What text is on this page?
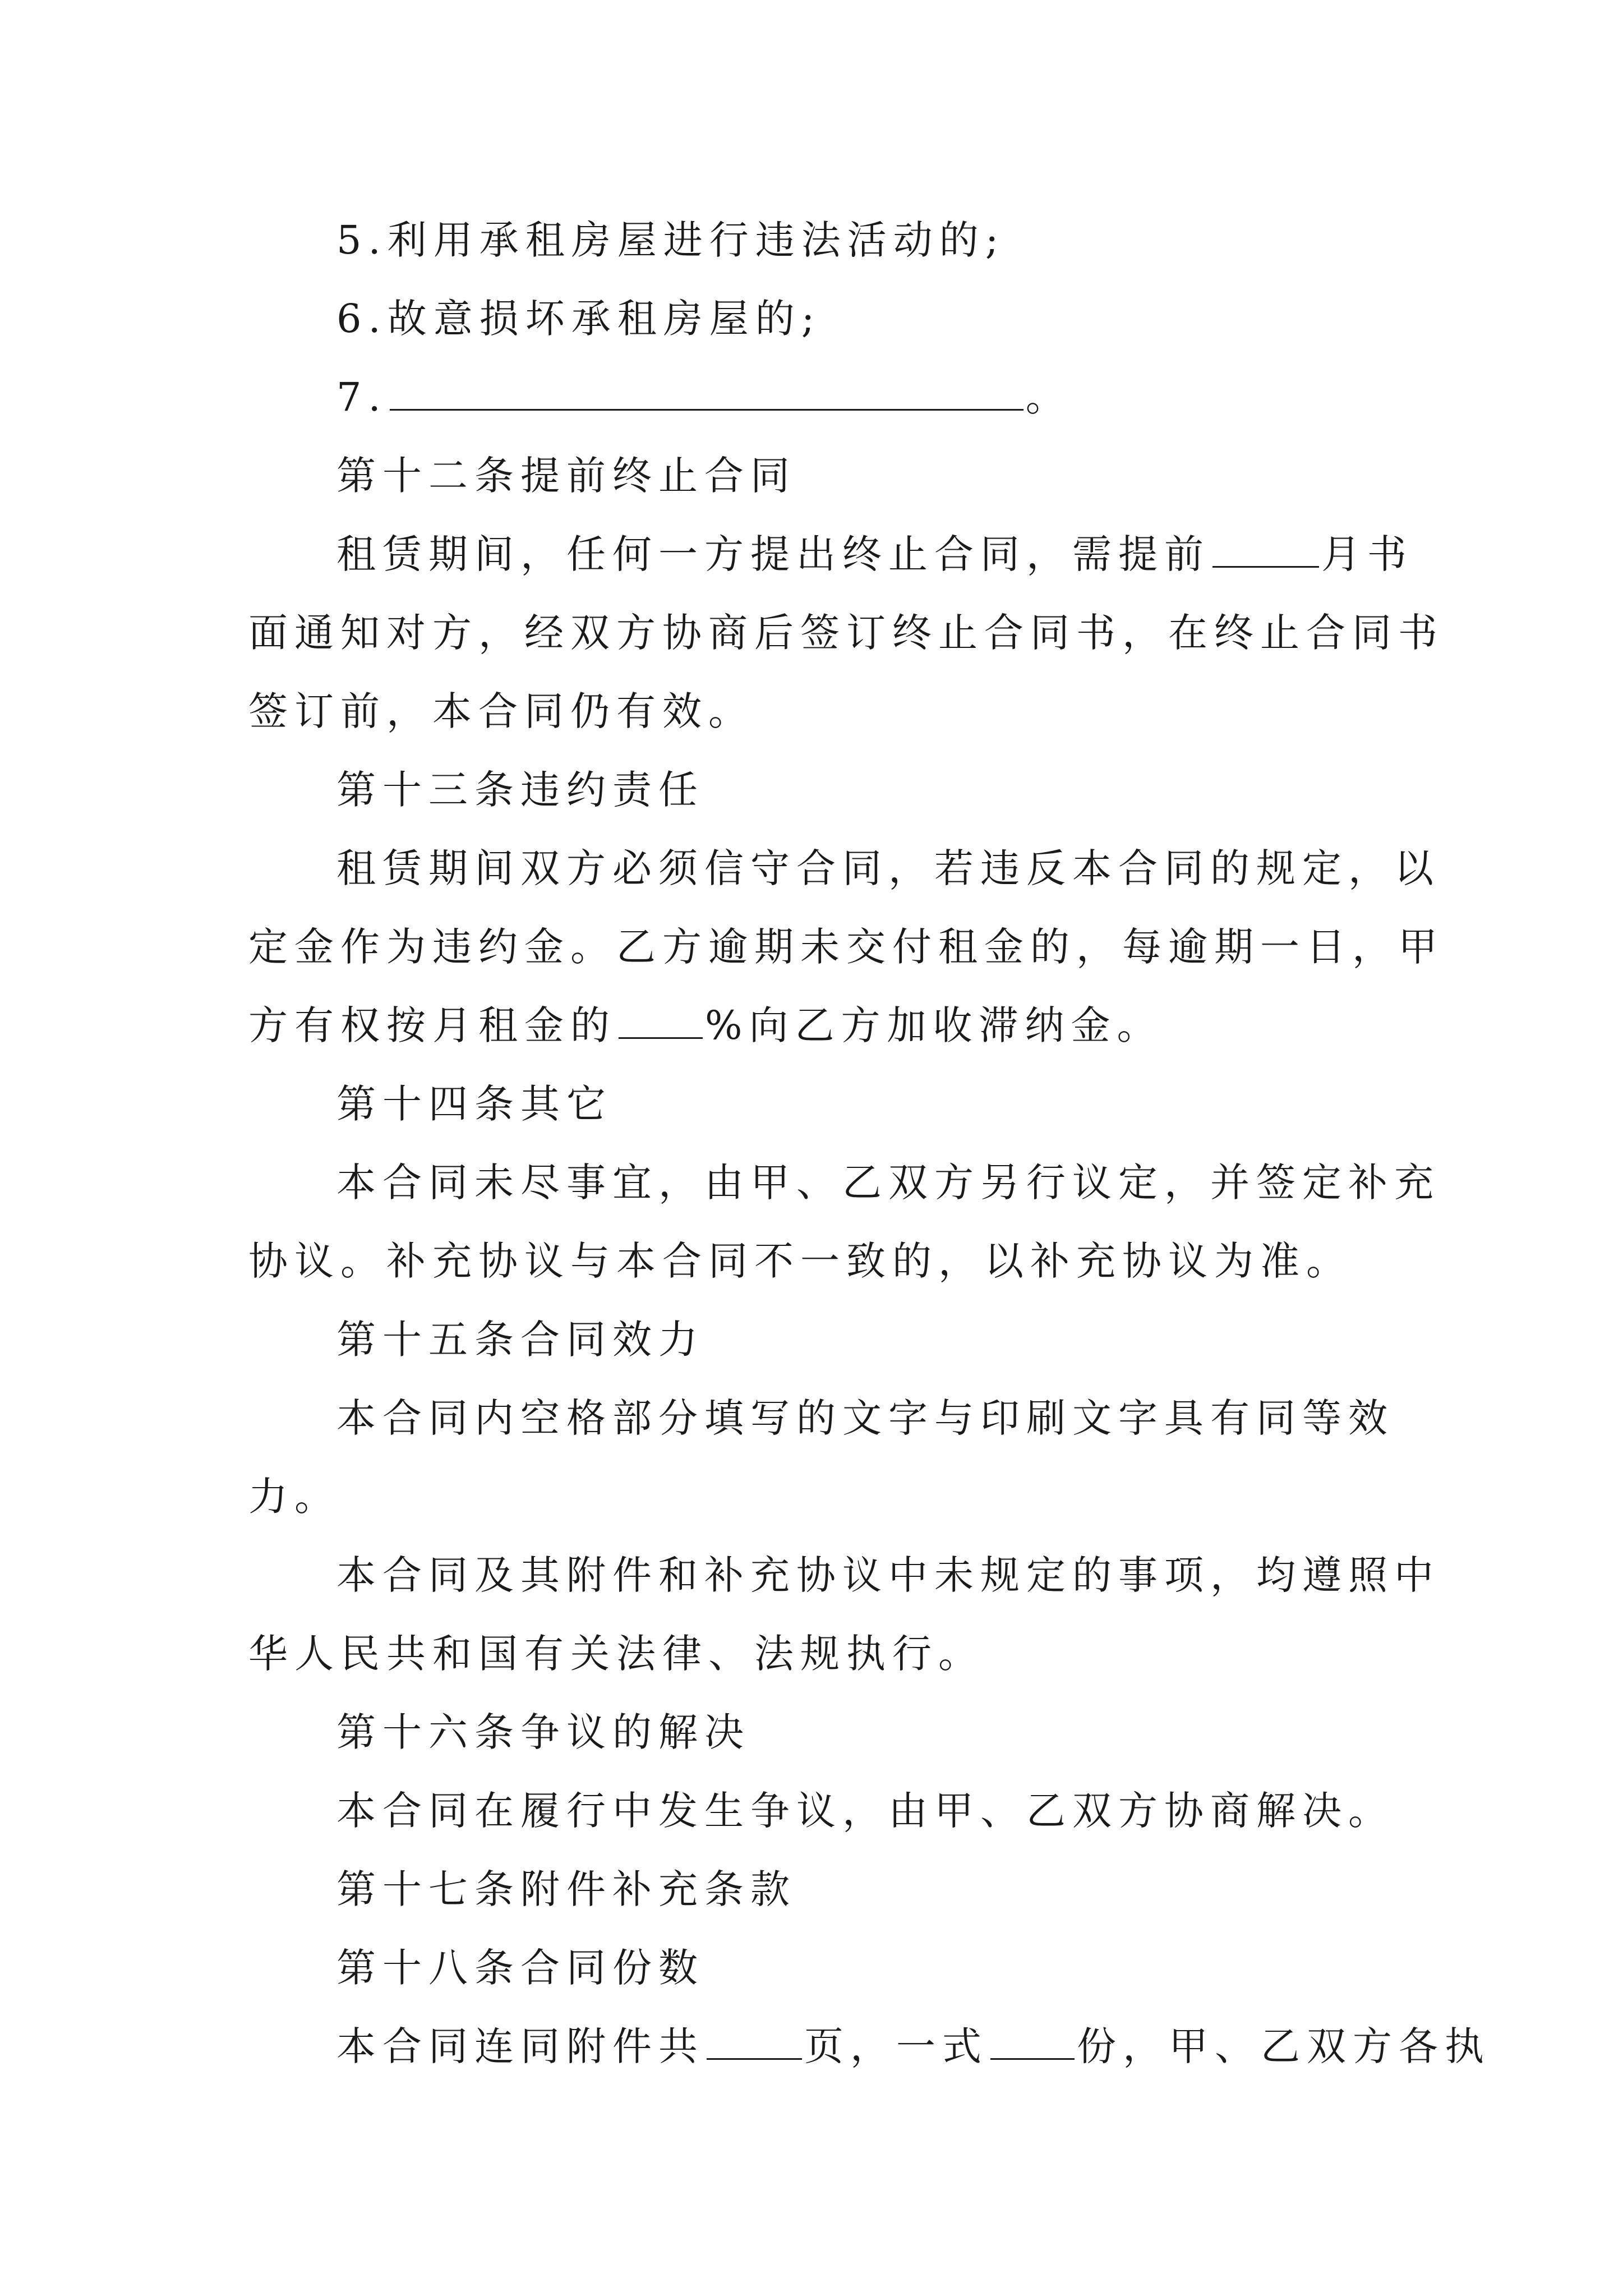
5.利用承租房屋进行违法活动的;
6.故意损坏承租房屋的;
7.	。
第十二条提前终止合同
租赁期间，任何一方提出终止合同，需提前	月书
面通知对方，经双方协商后签订终止合同书，在终止合同书
签订前，本合同仍有效。
第十三条违约责任
租赁期间双方必须信守合同，若违反本合同的规定，以
定金作为违约金。乙方逾期未交付租金的，每逾期一日，甲
方有权按月租金的 %向乙方加收滞纳金。
第十四条其它
本合同未尽事宜，由甲、乙双方另行议定，并签定补充
协议。补充协议与本合同不一致的，以补充协议为准。
第十五条合同效力
本合同内空格部分填写的文字与印刷文字具有同等效
力。
本合同及其附件和补充协议中未规定的事项，均遵照中
华人民共和国有关法律、法规执行。
第十六条争议的解决
本合同在履行中发生争议，由甲、乙双方协商解决。
第十七条附件补充条款
第十八条合同份数
本合同连同附件共	页，一式 份，甲、乙双方各执
